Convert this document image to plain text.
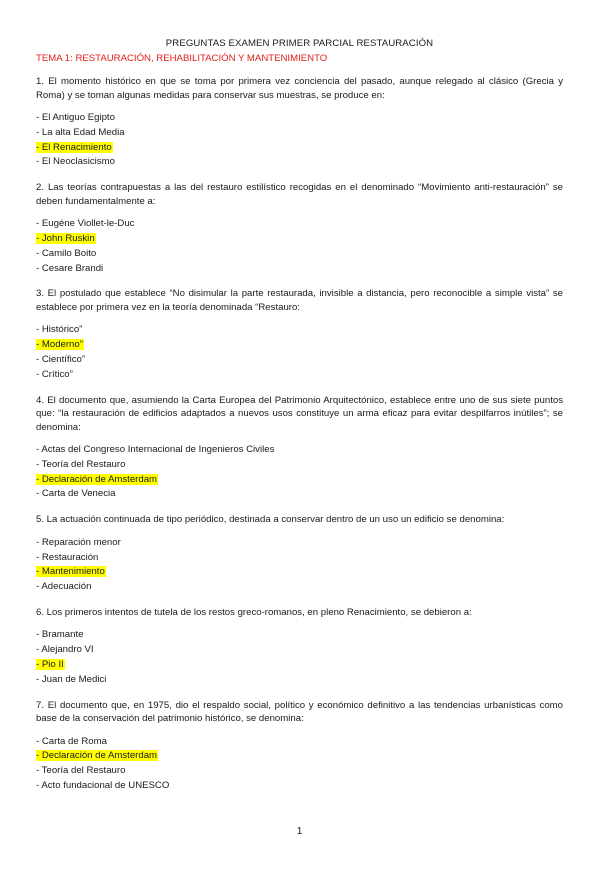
PREGUNTAS EXAMEN PRIMER PARCIAL RESTAURACIÓN
TEMA 1: RESTAURACIÓN, REHABILITACIÓN Y MANTENIMIENTO
1. El momento histórico en que se toma por primera vez conciencia del pasado, aunque relegado al clásico (Grecia y Roma) y se toman algunas medidas para conservar sus muestras, se produce en:
- El Antiguo Egipto
- La alta Edad Media
- El Renacimiento
- El Neoclasicismo
2. Las teorías contrapuestas a las del restauro estilístico recogidas en el denominado “Movimiento anti-restauración” se deben fundamentalmente a:
- Eugéne Viollet-le-Duc
- John Ruskin
- Camilo Boito
- Cesare Brandi
3. El postulado que establece “No disimular la parte restaurada, invisible a distancia, pero reconocible a simple vista” se establece por primera vez en la teoría denominada “Restauro:
- Histórico”
- Moderno”
- Científico”
- Crítico”
4. El documento que, asumiendo la Carta Europea del Patrimonio Arquitectónico, establece entre uno de sus siete puntos que: “la restauración de edificios adaptados a nuevos usos constituye un arma eficaz para evitar despilfarros inútiles”; se denomina:
- Actas del Congreso Internacional de Ingenieros Civiles
- Teoría del Restauro
- Declaración de Amsterdam
- Carta de Venecia
5. La actuación continuada de tipo periódico, destinada a conservar dentro de un uso un edificio se denomina:
- Reparación menor
- Restauración
- Mantenimiento
- Adecuación
6. Los primeros intentos de tutela de los restos greco-romanos, en pleno Renacimiento, se debieron a:
- Bramante
- Alejandro VI
- Pio II
- Juan de Medici
7. El documento que, en 1975, dio el respaldo social, político y económico definitivo a las tendencias urbanísticas como base de la conservación del patrimonio histórico, se denomina:
- Carta de Roma
- Declaración de Amsterdam
- Teoría del Restauro
- Acto fundacional de UNESCO
1
